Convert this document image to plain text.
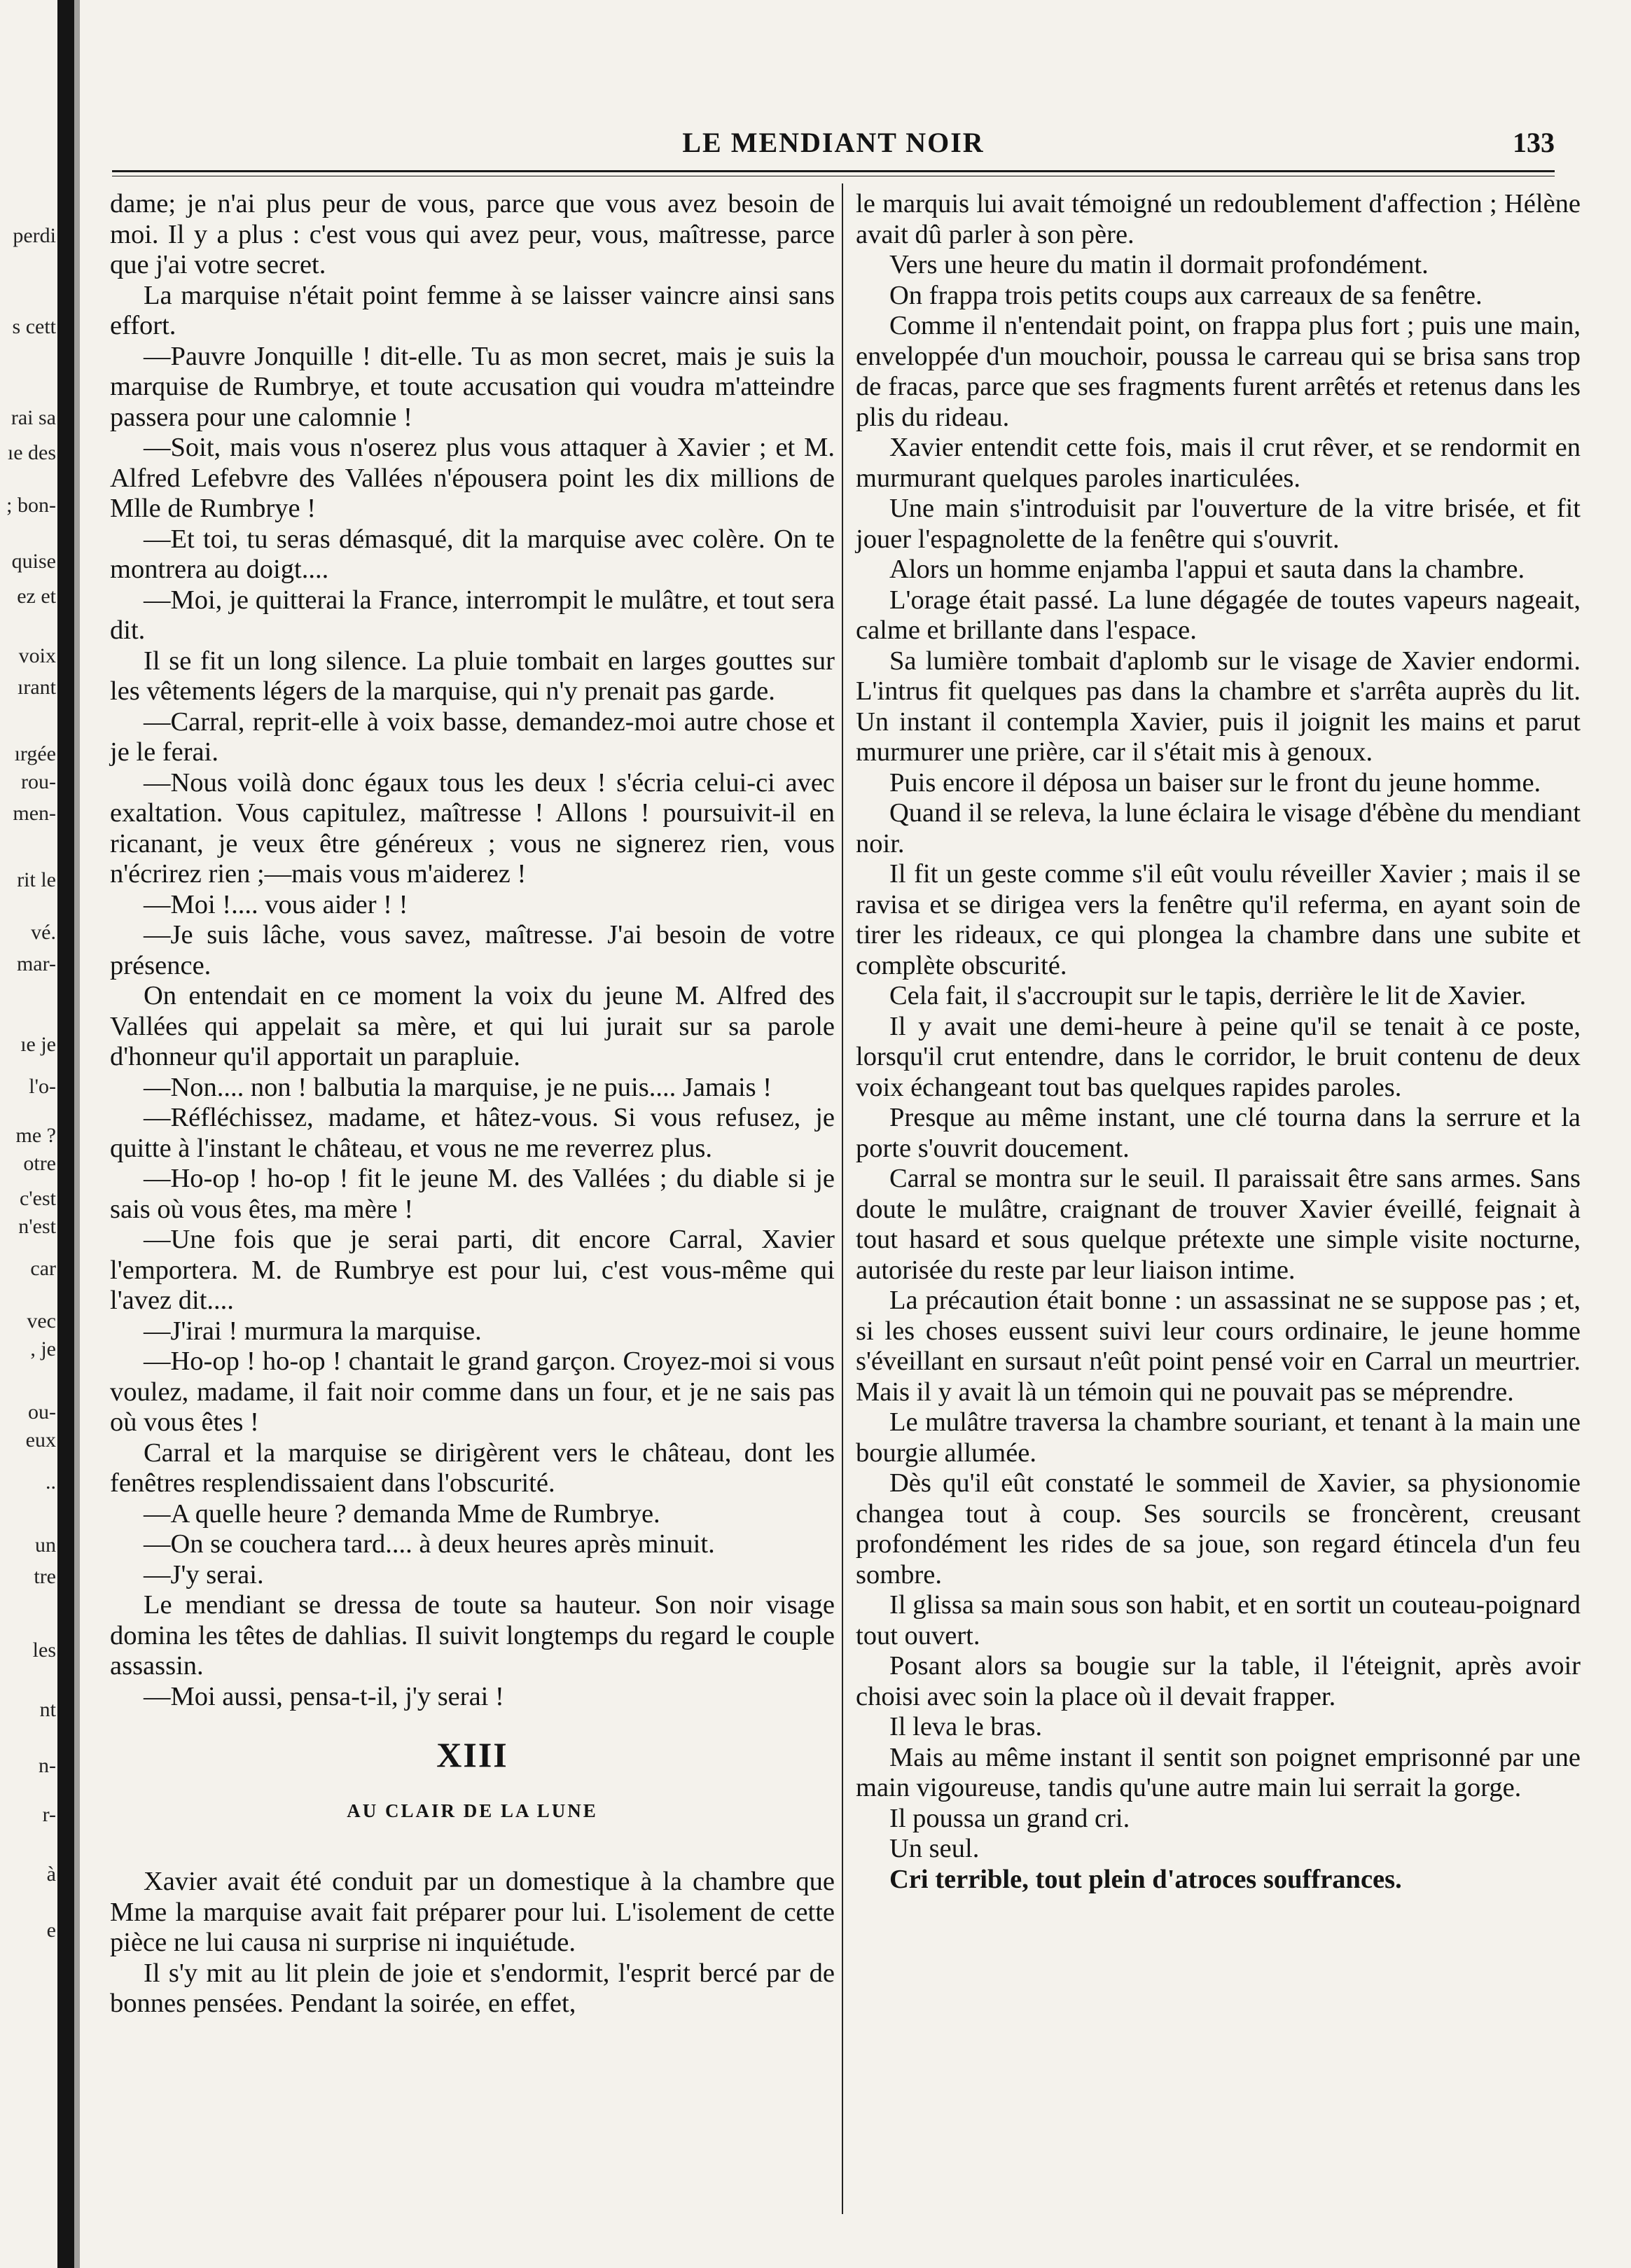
perdi
s cett
rai sa
ıe des
; bon-
quise
ez et
voix
ırant
ırgée
rou-
men-
rit le
vé.
mar-
ıe je
l'o-
me ?
otre
c'est
n'est
car
vec
, je
ou-
eux
..
un
tre
les
nt
n-
r-
à
e
LE MENDIANT NOIR	133

dame; je n'ai plus peur de vous, parce que vous avez besoin de moi. Il y a plus : c'est vous qui avez peur, vous, maîtresse, parce que j'ai votre secret.

La marquise n'était point femme à se laisser vaincre ainsi sans effort.

—Pauvre Jonquille ! dit-elle. Tu as mon secret, mais je suis la marquise de Rumbrye, et toute accusation qui voudra m'atteindre passera pour une calomnie !

—Soit, mais vous n'oserez plus vous attaquer à Xavier ; et M. Alfred Lefebvre des Vallées n'épousera point les dix millions de Mlle de Rumbrye !

—Et toi, tu seras démasqué, dit la marquise avec colère. On te montrera au doigt....

—Moi, je quitterai la France, interrompit le mulâtre, et tout sera dit.

Il se fit un long silence. La pluie tombait en larges gouttes sur les vêtements légers de la marquise, qui n'y prenait pas garde.

—Carral, reprit-elle à voix basse, demandez-moi autre chose et je le ferai.

—Nous voilà donc égaux tous les deux ! s'écria celui-ci avec exaltation. Vous capitulez, maîtresse ! Allons ! poursuivit-il en ricanant, je veux être généreux ; vous ne signerez rien, vous n'écrirez rien ;—mais vous m'aiderez !

—Moi !.... vous aider ! !

—Je suis lâche, vous savez, maîtresse. J'ai besoin de votre présence.

On entendait en ce moment la voix du jeune M. Alfred des Vallées qui appelait sa mère, et qui lui jurait sur sa parole d'honneur qu'il apportait un parapluie.

—Non.... non ! balbutia la marquise, je ne puis.... Jamais !

—Réfléchissez, madame, et hâtez-vous. Si vous refusez, je quitte à l'instant le château, et vous ne me reverrez plus.

—Ho-op ! ho-op ! fit le jeune M. des Vallées ; du diable si je sais où vous êtes, ma mère !

—Une fois que je serai parti, dit encore Carral, Xavier l'emportera. M. de Rumbrye est pour lui, c'est vous-même qui l'avez dit....

—J'irai ! murmura la marquise.

—Ho-op ! ho-op ! chantait le grand garçon. Croyez-moi si vous voulez, madame, il fait noir comme dans un four, et je ne sais pas où vous êtes !

Carral et la marquise se dirigèrent vers le château, dont les fenêtres resplendissaient dans l'obscurité.

—A quelle heure ? demanda Mme de Rumbrye.

—On se couchera tard.... à deux heures après minuit.

—J'y serai.

Le mendiant se dressa de toute sa hauteur. Son noir visage domina les têtes de dahlias. Il suivit longtemps du regard le couple assassin.

—Moi aussi, pensa-t-il, j'y serai !

XIII
AU CLAIR DE LA LUNE

Xavier avait été conduit par un domestique à la chambre que Mme la marquise avait fait préparer pour lui. L'isolement de cette pièce ne lui causa ni surprise ni inquiétude.

Il s'y mit au lit plein de joie et s'endormit, l'esprit bercé par de bonnes pensées. Pendant la soirée, en effet,

le marquis lui avait témoigné un redoublement d'affection ; Hélène avait dû parler à son père.

Vers une heure du matin il dormait profondément.

On frappa trois petits coups aux carreaux de sa fenêtre.

Comme il n'entendait point, on frappa plus fort ; puis une main, enveloppée d'un mouchoir, poussa le carreau qui se brisa sans trop de fracas, parce que ses fragments furent arrêtés et retenus dans les plis du rideau.

Xavier entendit cette fois, mais il crut rêver, et se rendormit en murmurant quelques paroles inarticulées.

Une main s'introduisit par l'ouverture de la vitre brisée, et fit jouer l'espagnolette de la fenêtre qui s'ouvrit.

Alors un homme enjamba l'appui et sauta dans la chambre.

L'orage était passé. La lune dégagée de toutes vapeurs nageait, calme et brillante dans l'espace.

Sa lumière tombait d'aplomb sur le visage de Xavier endormi. L'intrus fit quelques pas dans la chambre et s'arrêta auprès du lit. Un instant il contempla Xavier, puis il joignit les mains et parut murmurer une prière, car il s'était mis à genoux.

Puis encore il déposa un baiser sur le front du jeune homme.

Quand il se releva, la lune éclaira le visage d'ébène du mendiant noir.

Il fit un geste comme s'il eût voulu réveiller Xavier ; mais il se ravisa et se dirigea vers la fenêtre qu'il referma, en ayant soin de tirer les rideaux, ce qui plongea la chambre dans une subite et complète obscurité.

Cela fait, il s'accroupit sur le tapis, derrière le lit de Xavier.

Il y avait une demi-heure à peine qu'il se tenait à ce poste, lorsqu'il crut entendre, dans le corridor, le bruit contenu de deux voix échangeant tout bas quelques rapides paroles.

Presque au même instant, une clé tourna dans la serrure et la porte s'ouvrit doucement.

Carral se montra sur le seuil. Il paraissait être sans armes. Sans doute le mulâtre, craignant de trouver Xavier éveillé, feignait à tout hasard et sous quelque prétexte une simple visite nocturne, autorisée du reste par leur liaison intime.

La précaution était bonne : un assassinat ne se suppose pas ; et, si les choses eussent suivi leur cours ordinaire, le jeune homme s'éveillant en sursaut n'eût point pensé voir en Carral un meurtrier. Mais il y avait là un témoin qui ne pouvait pas se méprendre.

Le mulâtre traversa la chambre souriant, et tenant à la main une bourgie allumée.

Dès qu'il eût constaté le sommeil de Xavier, sa physionomie changea tout à coup. Ses sourcils se froncèrent, creusant profondément les rides de sa joue, son regard étincela d'un feu sombre.

Il glissa sa main sous son habit, et en sortit un couteau-poignard tout ouvert.

Posant alors sa bougie sur la table, il l'éteignit, après avoir choisi avec soin la place où il devait frapper.

Il leva le bras.

Mais au même instant il sentit son poignet emprisonné par une main vigoureuse, tandis qu'une autre main lui serrait la gorge.

Il poussa un grand cri.

Un seul.

Cri terrible, tout plein d'atroces souffrances.
